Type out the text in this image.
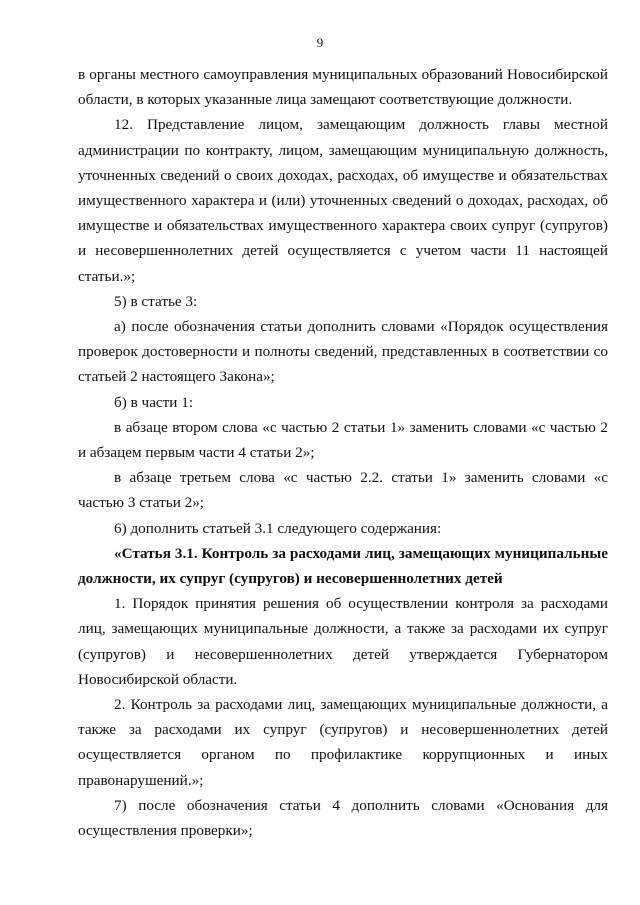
9

в органы местного самоуправления муниципальных образований Новосибирской области, в которых указанные лица замещают соответствующие должности.

12. Представление лицом, замещающим должность главы местной администрации по контракту, лицом, замещающим муниципальную должность, уточненных сведений о своих доходах, расходах, об имуществе и обязательствах имущественного характера и (или) уточненных сведений о доходах, расходах, об имуществе и обязательствах имущественного характера своих супруг (супругов) и несовершеннолетних детей осуществляется с учетом части 11 настоящей статьи.»;

5) в статье 3:

а) после обозначения статьи дополнить словами «Порядок осуществления проверок достоверности и полноты сведений, представленных в соответствии со статьей 2 настоящего Закона»;

б) в части 1:

в абзаце втором слова «с частью 2 статьи 1» заменить словами «с частью 2 и абзацем первым части 4 статьи 2»;

в абзаце третьем слова «с частью 2.2. статьи 1» заменить словами «с частью 3 статьи 2»;

6) дополнить статьей 3.1 следующего содержания:

«Статья 3.1. Контроль за расходами лиц, замещающих муниципальные должности, их супруг (супругов) и несовершеннолетних детей

1. Порядок принятия решения об осуществлении контроля за расходами лиц, замещающих муниципальные должности, а также за расходами их супруг (супругов) и несовершеннолетних детей утверждается Губернатором Новосибирской области.

2. Контроль за расходами лиц, замещающих муниципальные должности, а также за расходами их супруг (супругов) и несовершеннолетних детей осуществляется органом по профилактике коррупционных и иных правонарушений.»;

7) после обозначения статьи 4 дополнить словами «Основания для осуществления проверки»;
